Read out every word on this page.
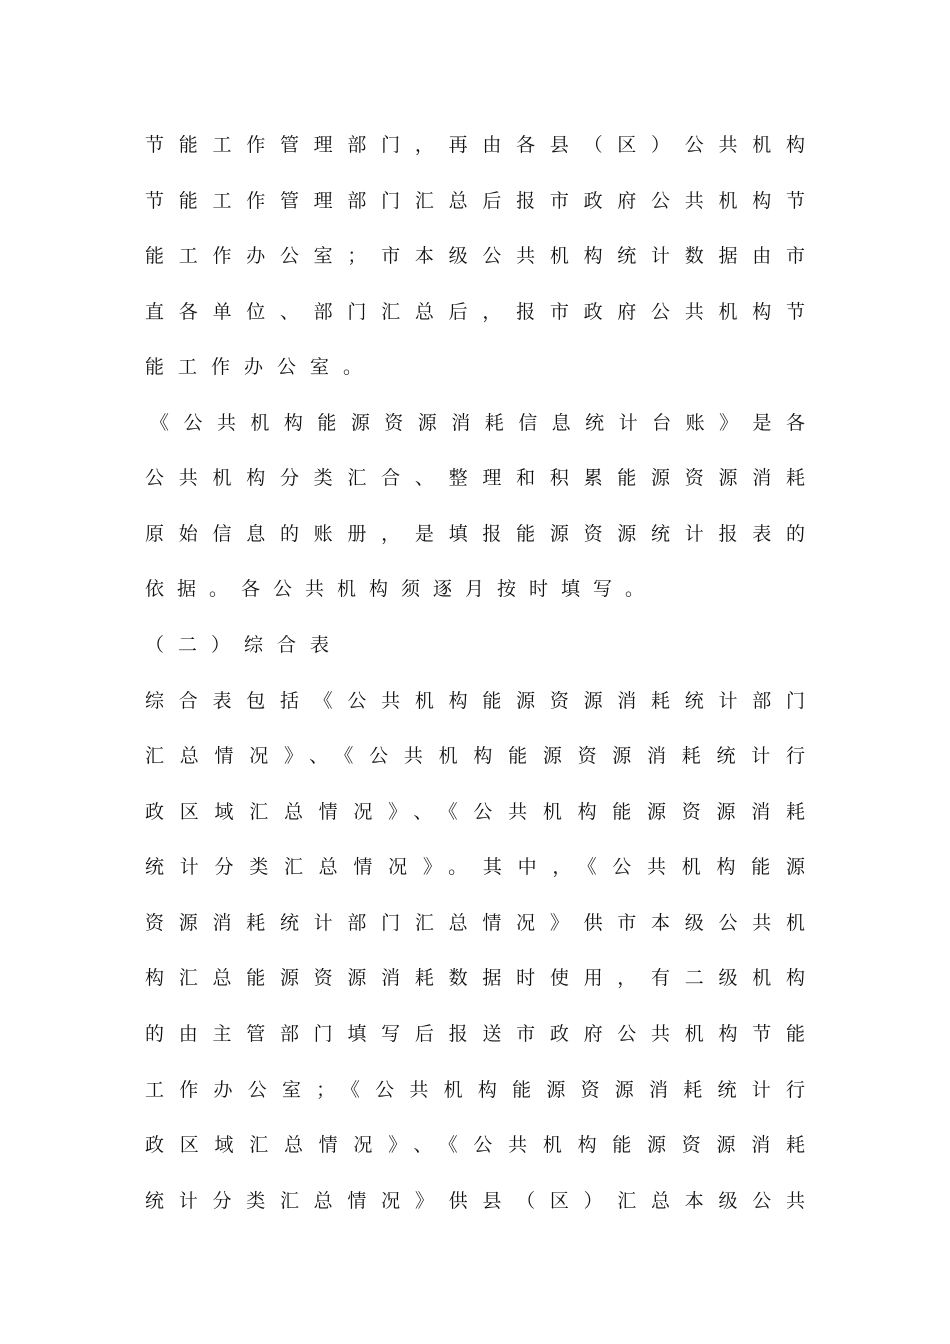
节能工作管理部门，再由各县（区）公共机构
节能工作管理部门汇总后报市政府公共机构节
能工作办公室；市本级公共机构统计数据由市
直各单位、部门汇总后，报市政府公共机构节
能工作办公室。
《公共机构能源资源消耗信息统计台账》是各
公共机构分类汇合、整理和积累能源资源消耗
原始信息的账册，是填报能源资源统计报表的
依据。各公共机构须逐月按时填写。
（二）综合表
综合表包括《公共机构能源资源消耗统计部门
汇总情况》、《公共机构能源资源消耗统计行
政区域汇总情况》、《公共机构能源资源消耗
统计分类汇总情况》。其中，《公共机构能源
资源消耗统计部门汇总情况》供市本级公共机
构汇总能源资源消耗数据时使用，有二级机构
的由主管部门填写后报送市政府公共机构节能
工作办公室；《公共机构能源资源消耗统计行
政区域汇总情况》、《公共机构能源资源消耗
统计分类汇总情况》供县（区）汇总本级公共
